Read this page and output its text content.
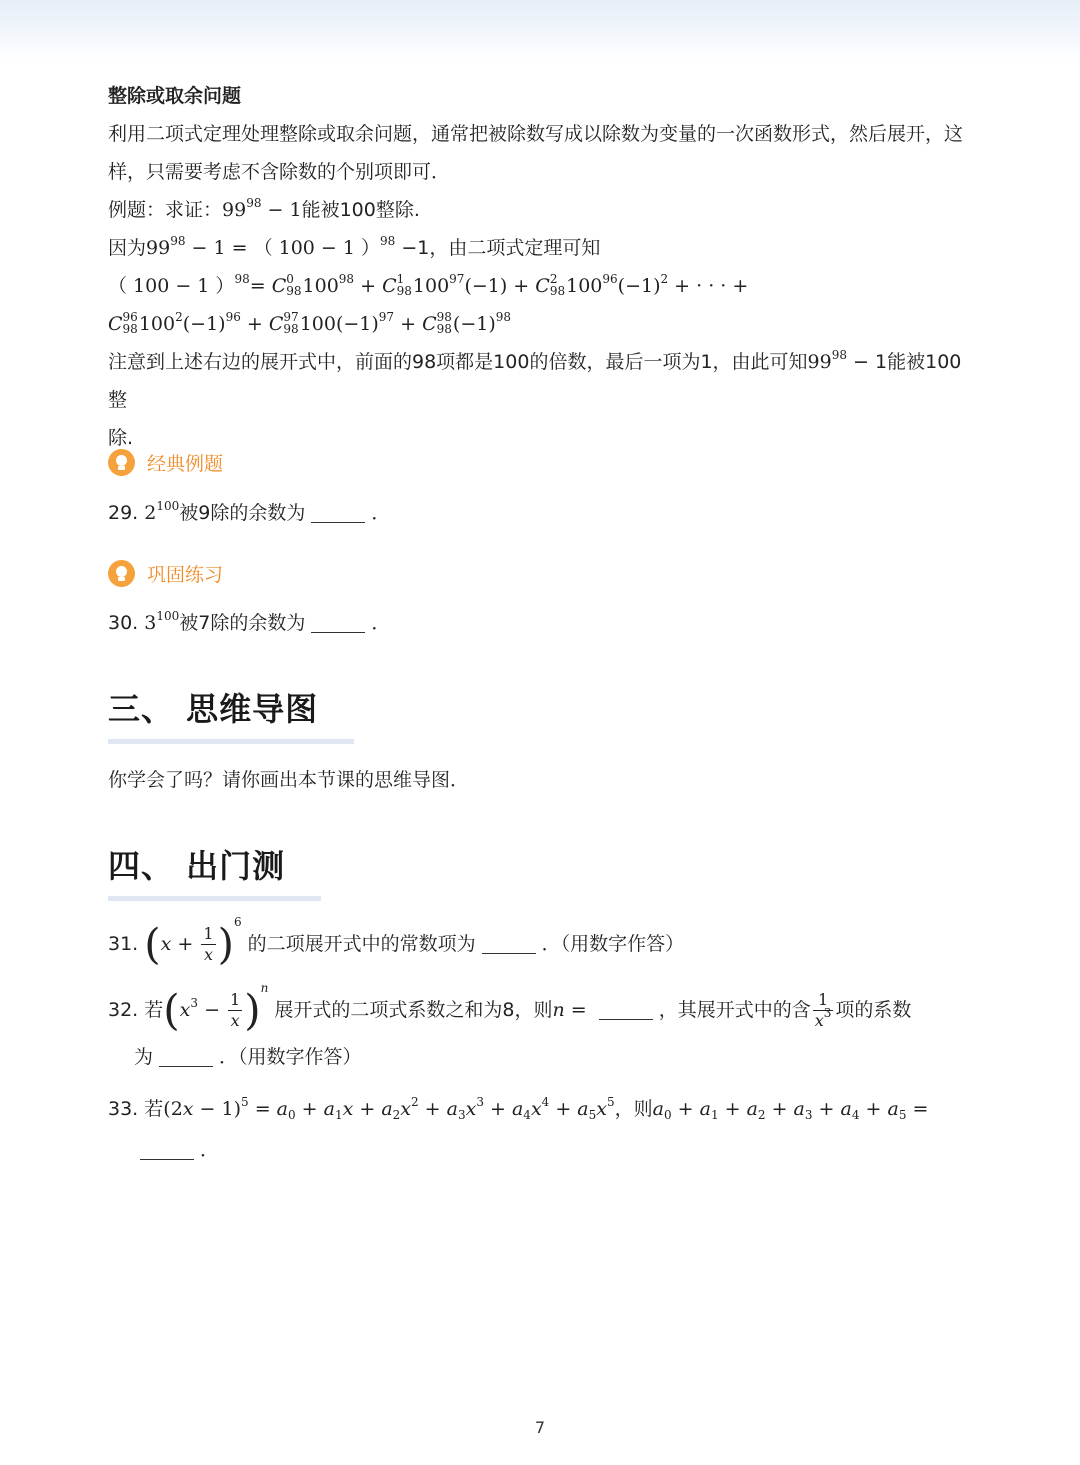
整除或取余问题
利用二项式定理处理整除或取余问题，通常把被除数写成以除数为变量的一次函数形式，然后展开，这
样，只需要考虑不含除数的个别项即可．
例题：求证：$99^{98} - 1$能被100整除.
因为$99^{98} - 1$ = （ 100 − 1 ）$^{98}$ −1，由二项式定理可知
（ 100 − 1 ）$^{98}$= C 0
98 $100^{98} + C$ 1
98 $100^{97}(-1) + C$ 2
98 $100^{96}(-1)^2$ + · · · +
C 96
98 $100^2(-1)^{96} + C$ 97
98 $100(-1)^{97} + C$ 98
98 $(-1)^{98}$
注意到上述右边的展开式中，前面的98项都是100的倍数，最后一项为1，由此可知$99^{98} - 1$能被100整
除.
经典例题
29. $2^{100}$被9除的余数为	．
巩固练习
30. $3^{100}$被7除的余数为	．
三、 思维导图
你学会了吗？请你画出本节课的思维导图．
四、 出门测
31. $(x + \frac{1}{x} )^6$ 的二项展开式中的常数项为	．（用数字作答）
32. 若$(x^3 - \frac{1}{x} )^n$ 展开式的二项式系数之和为8，则n =	，其展开式中的含 $\frac{1}{x^3}$ 项的系数
为	．（用数字作答）
33. 若$(2x - 1)^5 = a_0 + a_1x + a_2x^2 + a_3x^3 + a_4x^4 + a_5x^5$，则$a_0 + a_1 + a_2 + a_3 + a_4 + a_5$ =
．
7
